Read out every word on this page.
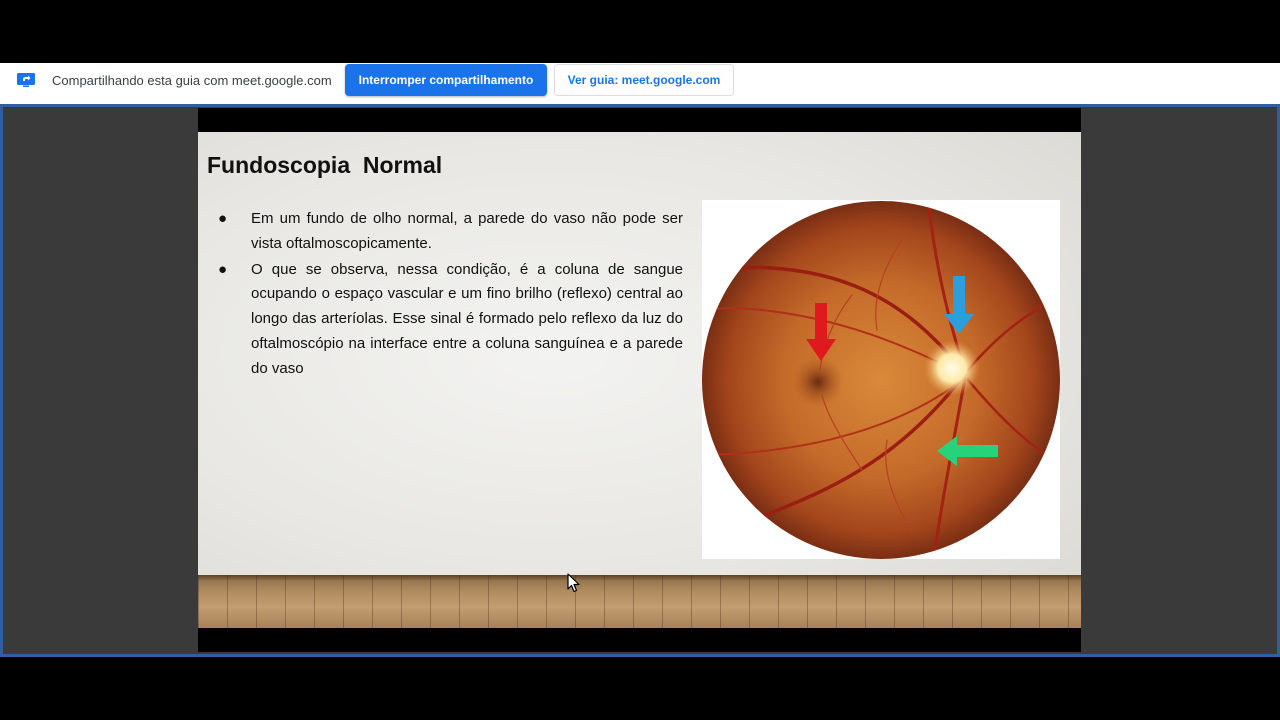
Compartilhando esta guia com meet.google.com	Interromper compartilhamento	Ver guia: meet.google.com
Fundoscopia  Normal
● Em um fundo de olho normal, a parede do vaso não pode ser vista oftalmoscopicamente.
● O que se observa, nessa condição, é a coluna de sangue ocupando o espaço vascular e um fino brilho (reflexo) central ao longo das arteríolas. Esse sinal é formado pelo reflexo da luz do oftalmoscópio na interface entre a coluna sanguínea e a parede do vaso
